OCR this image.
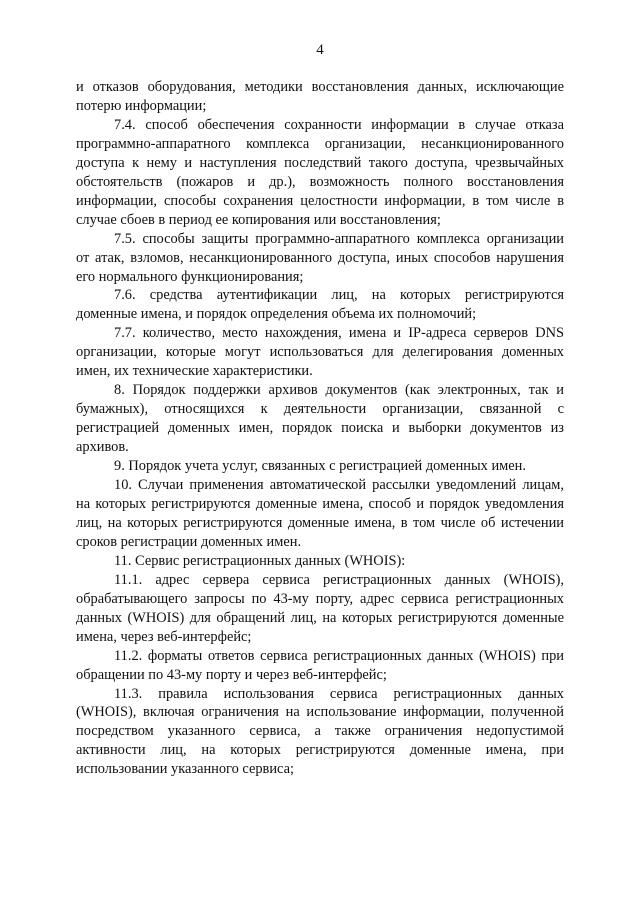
4

и отказов оборудования, методики восстановления данных, исключающие потерю информации;

7.4. способ обеспечения сохранности информации в случае отказа программно-аппаратного комплекса организации, несанкционированного доступа к нему и наступления последствий такого доступа, чрезвычайных обстоятельств (пожаров и др.), возможность полного восстановления информации, способы сохранения целостности информации, в том числе в случае сбоев в период ее копирования или восстановления;

7.5. способы защиты программно-аппаратного комплекса организации от атак, взломов, несанкционированного доступа, иных способов нарушения его нормального функционирования;

7.6. средства аутентификации лиц, на которых регистрируются доменные имена, и порядок определения объема их полномочий;

7.7. количество, место нахождения, имена и IP-адреса серверов DNS организации, которые могут использоваться для делегирования доменных имен, их технические характеристики.

8. Порядок поддержки архивов документов (как электронных, так и бумажных), относящихся к деятельности организации, связанной с регистрацией доменных имен, порядок поиска и выборки документов из архивов.

9. Порядок учета услуг, связанных с регистрацией доменных имен.

10. Случаи применения автоматической рассылки уведомлений лицам, на которых регистрируются доменные имена, способ и порядок уведомления лиц, на которых регистрируются доменные имена, в том числе об истечении сроков регистрации доменных имен.

11. Сервис регистрационных данных (WHOIS):

11.1. адрес сервера сервиса регистрационных данных (WHOIS), обрабатывающего запросы по 43-му порту, адрес сервиса регистрационных данных (WHOIS) для обращений лиц, на которых регистрируются доменные имена, через веб-интерфейс;

11.2. форматы ответов сервиса регистрационных данных (WHOIS) при обращении по 43-му порту и через веб-интерфейс;

11.3. правила использования сервиса регистрационных данных (WHOIS), включая ограничения на использование информации, полученной посредством указанного сервиса, а также ограничения недопустимой активности лиц, на которых регистрируются доменные имена, при использовании указанного сервиса;
